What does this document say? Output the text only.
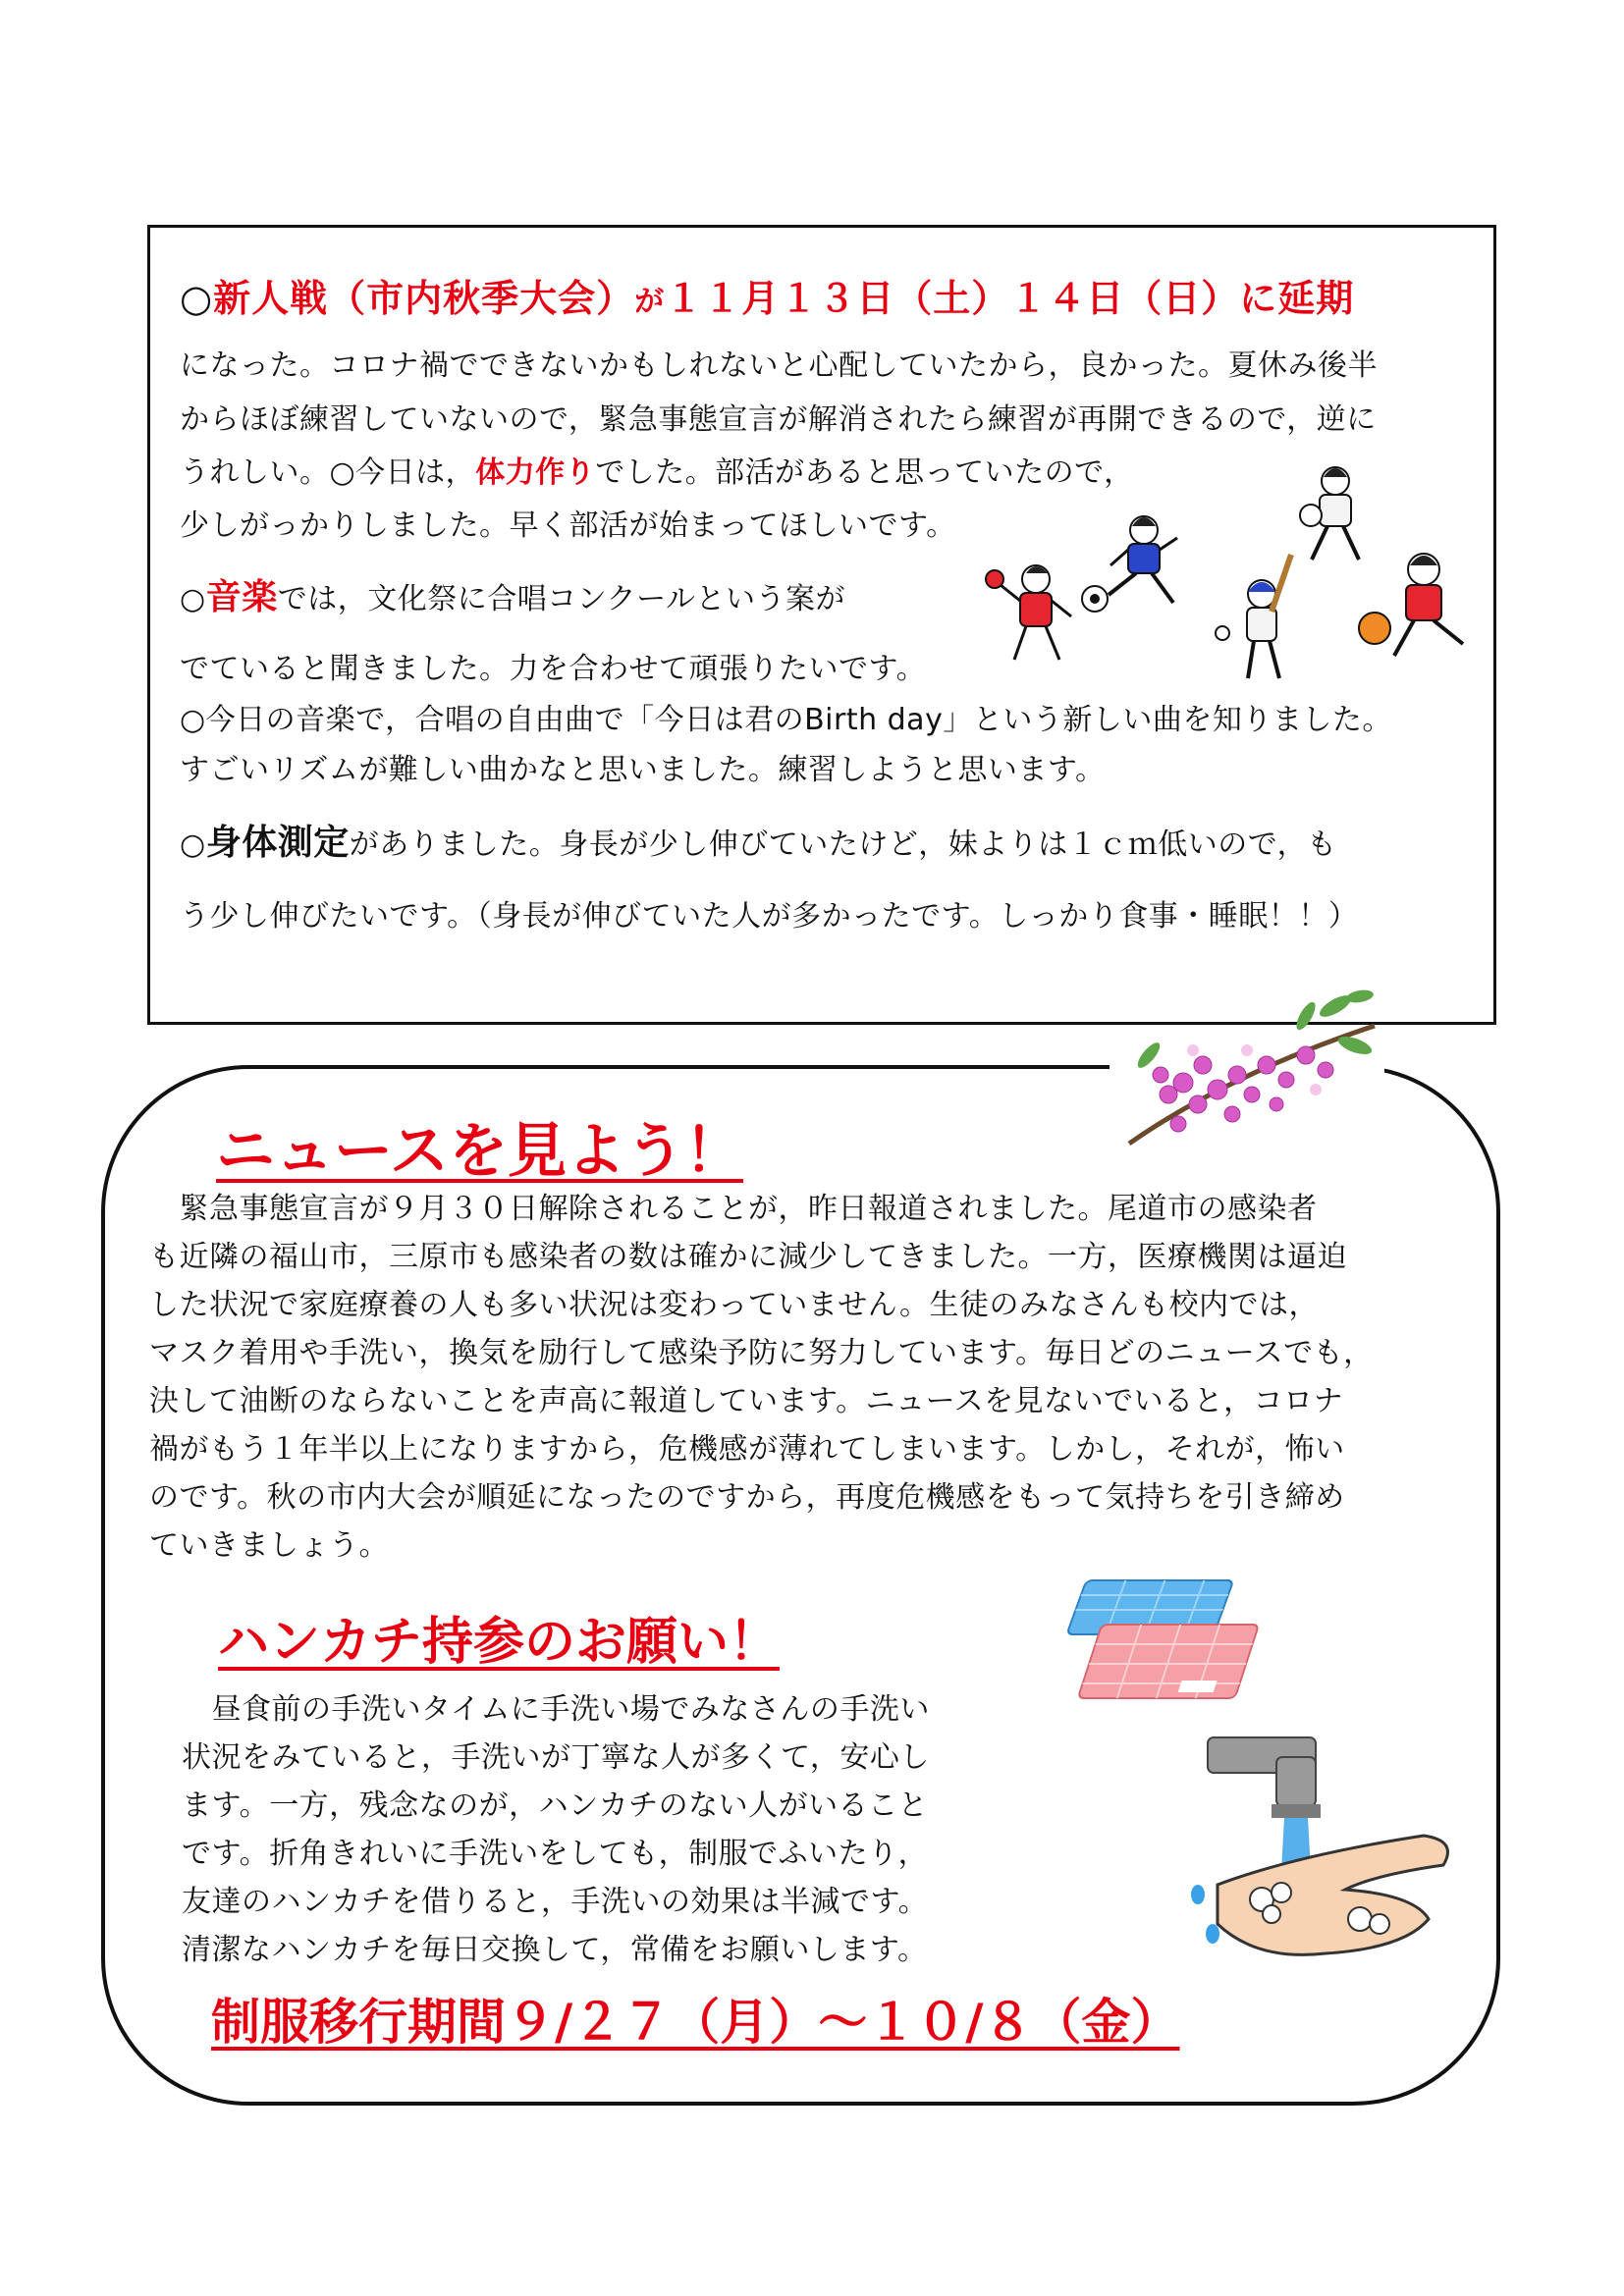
○新人戦（市内秋季大会）が１１月１３日（土）１４日（日）に延期
になった。コロナ禍でできないかもしれないと心配していたから，良かった。夏休み後半
からほぼ練習していないので，緊急事態宣言が解消されたら練習が再開できるので，逆に
うれしい。○今日は，体力作りでした。部活があると思っていたので，
少しがっかりしました。早く部活が始まってほしいです。
○音楽では，文化祭に合唱コンクールという案が
でていると聞きました。力を合わせて頑張りたいです。
○今日の音楽で，合唱の自由曲で「今日は君のBirth day」という新しい曲を知りました。
すごいリズムが難しい曲かなと思いました。練習しようと思います。
○身体測定がありました。身長が少し伸びていたけど，妹よりは１ｃｍ低いので，も
う少し伸びたいです。（身長が伸びていた人が多かったです。しっかり食事・睡眠！！）
ニュースを見よう！
　緊急事態宣言が９月３０日解除されることが，昨日報道されました。尾道市の感染者
も近隣の福山市，三原市も感染者の数は確かに減少してきました。一方，医療機関は逼迫
した状況で家庭療養の人も多い状況は変わっていません。生徒のみなさんも校内では，
マスク着用や手洗い，換気を励行して感染予防に努力しています。毎日どのニュースでも，
決して油断のならないことを声高に報道しています。ニュースを見ないでいると，コロナ
禍がもう１年半以上になりますから，危機感が薄れてしまいます。しかし，それが，怖い
のです。秋の市内大会が順延になったのですから，再度危機感をもって気持ちを引き締め
ていきましょう。
ハンカチ持参のお願い！
　昼食前の手洗いタイムに手洗い場でみなさんの手洗い
状況をみていると，手洗いが丁寧な人が多くて，安心し
ます。一方，残念なのが，ハンカチのない人がいること
です。折角きれいに手洗いをしても，制服でふいたり，
友達のハンカチを借りると，手洗いの効果は半減です。
清潔なハンカチを毎日交換して，常備をお願いします。
制服移行期間９/２７（月）～１０/８（金）
